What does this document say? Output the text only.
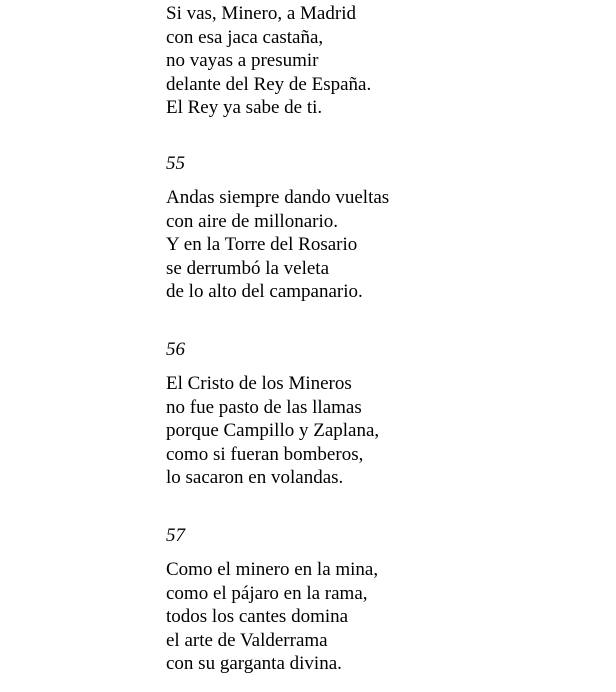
Si vas, Minero, a Madrid
con esa jaca castaña,
no vayas a presumir
delante del Rey de España.
El Rey ya sabe de ti.
55
Andas siempre dando vueltas
con aire de millonario.
Y en la Torre del Rosario
se derrumbó la veleta
de lo alto del campanario.
56
El Cristo de los Mineros
no fue pasto de las llamas
porque Campillo y Zaplana,
como si fueran bomberos,
lo sacaron en volandas.
57
Como el minero en la mina,
como el pájaro en la rama,
todos los cantes domina
el arte de Valderrama
con su garganta divina.
